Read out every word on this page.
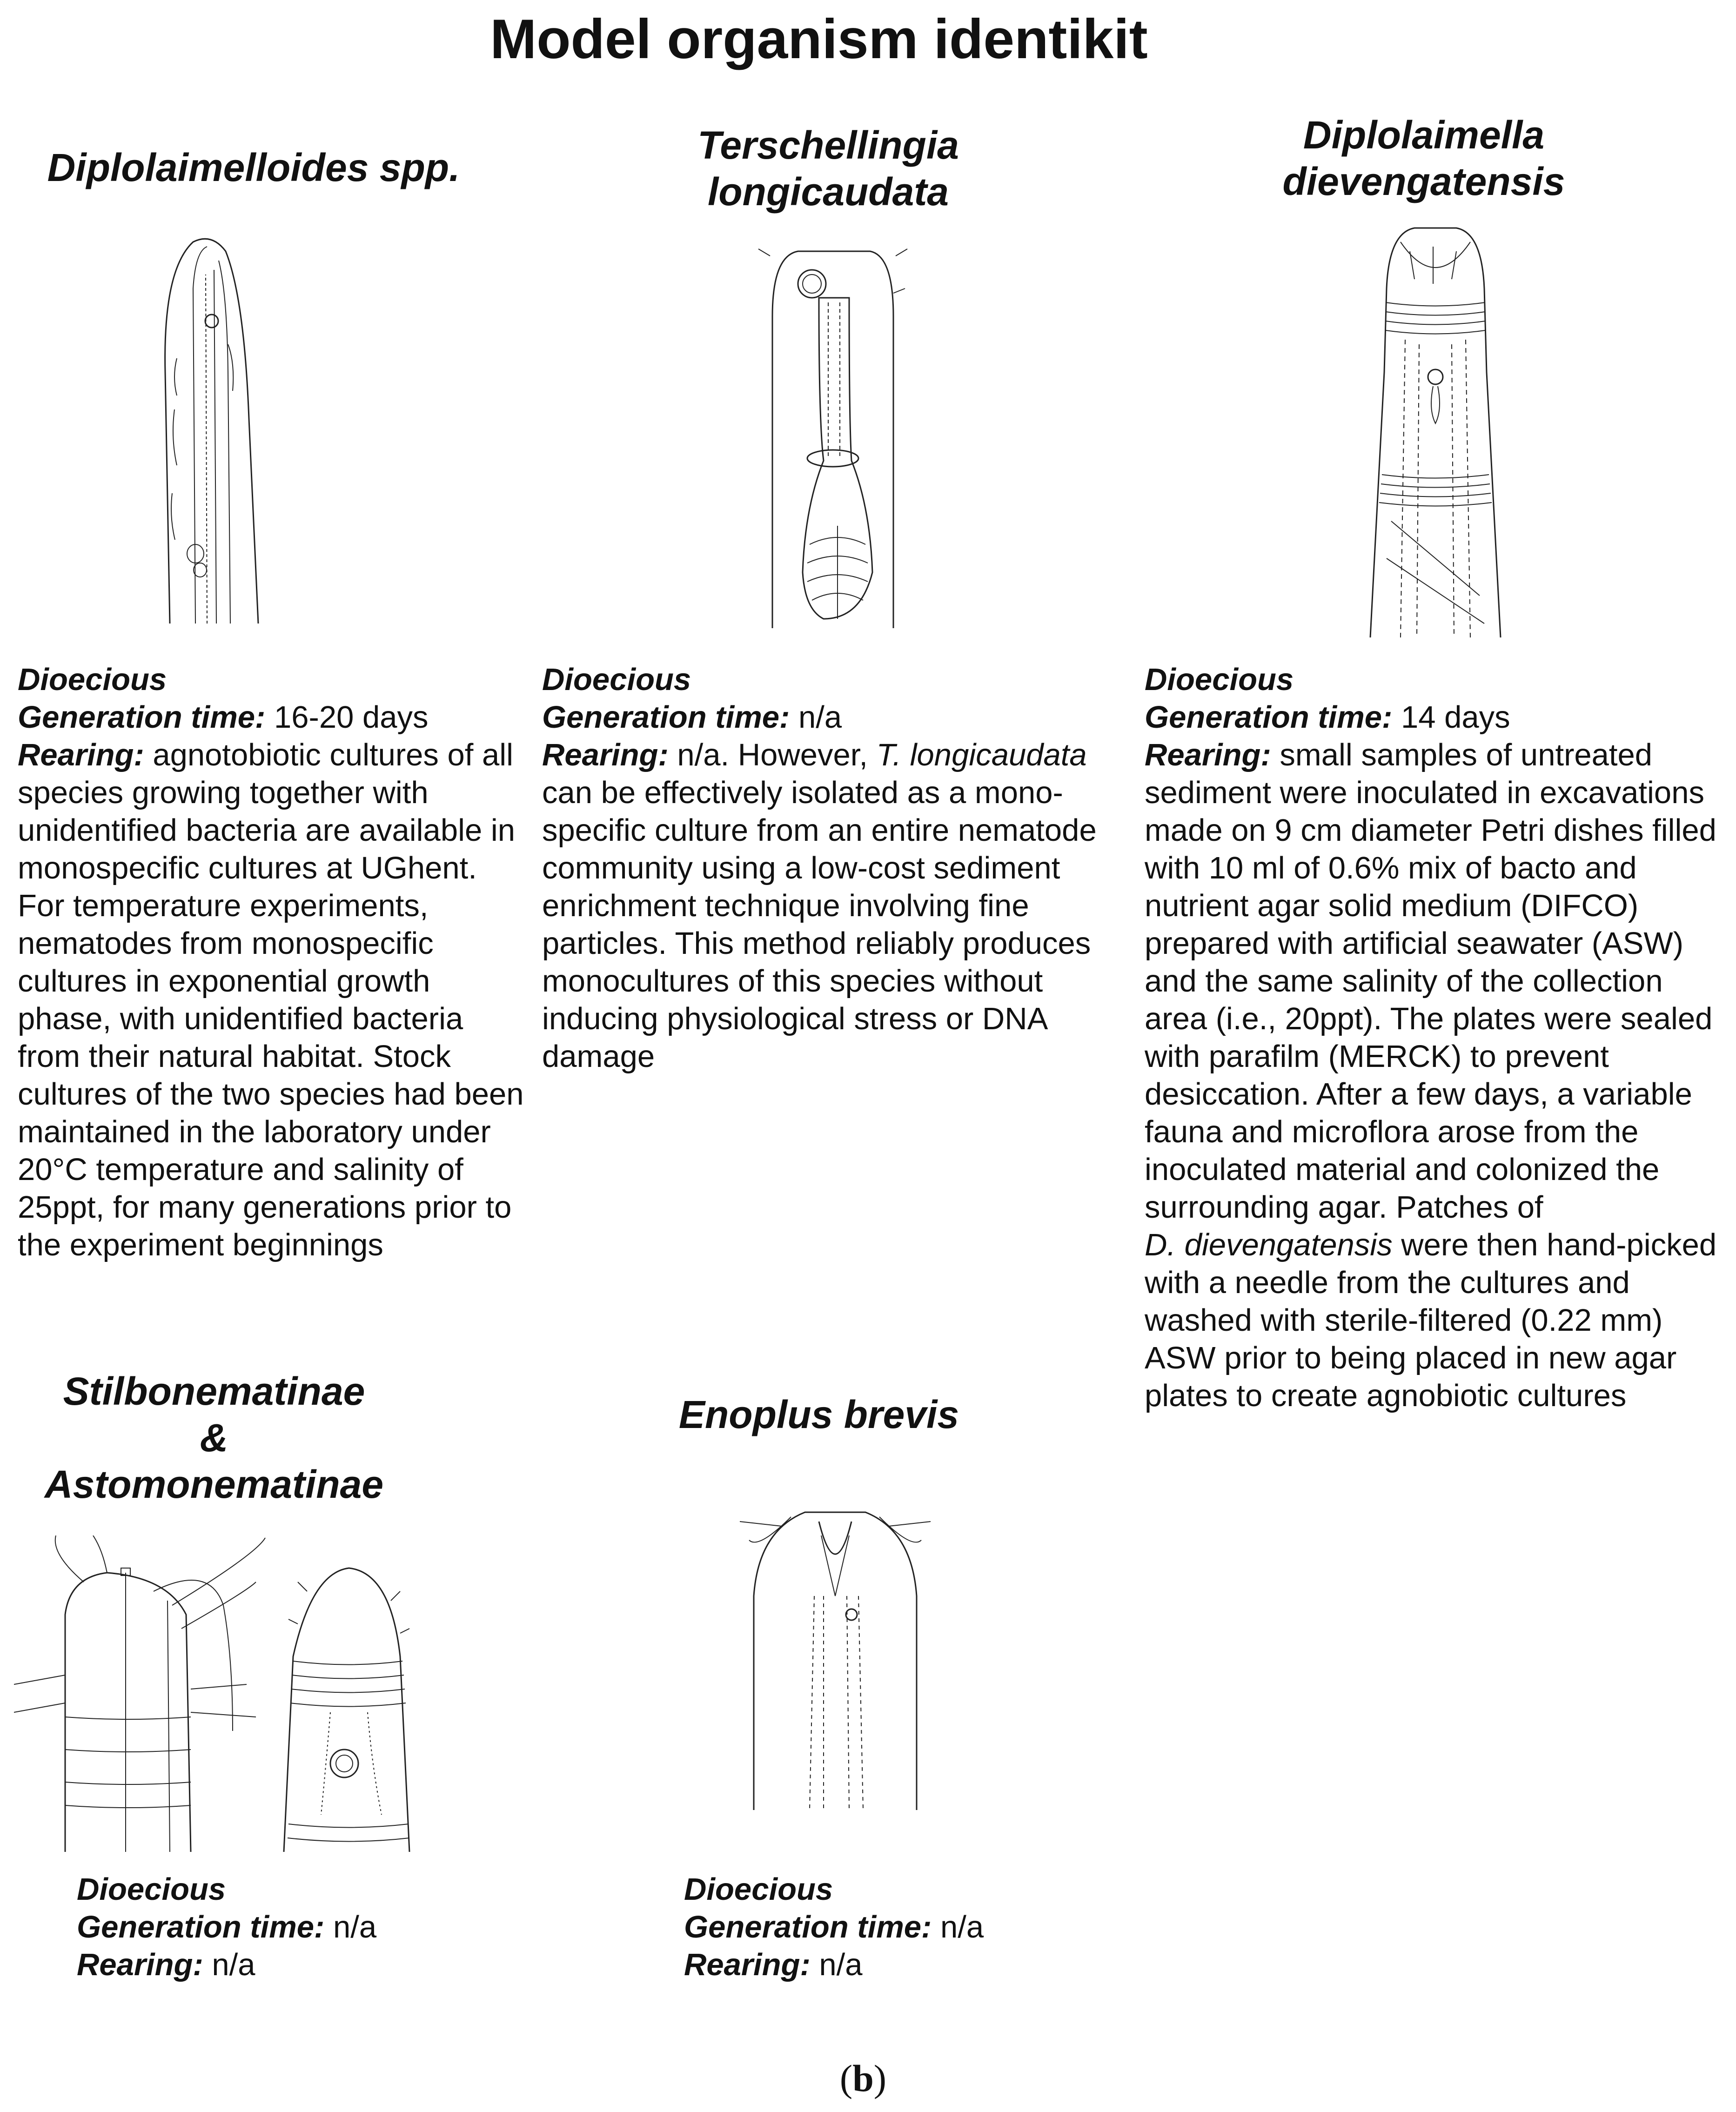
Model organism identikit
Diplolaimelloides spp.
Terschellingia
longicaudata
Diplolaimella
dievengatensis
Stilbonematinae
&
Astomonematinae
Enoplus brevis
Dioecious
Generation time: 16-20 days
Rearing: agnotobiotic cultures of all species growing together with unidentified bacteria are available in monospecific cultures at UGhent. For temperature experiments, nematodes from monospecific cultures in exponential growth phase, with unidentified bacteria from their natural habitat. Stock cultures of the two species had been maintained in the laboratory under 20°C temperature and salinity of 25ppt, for many generations prior to the experiment beginnings
Dioecious
Generation time: n/a
Rearing: n/a. However, T. longicaudata can be effectively isolated as a mono-specific culture from an entire nematode community using a low-cost sediment enrichment technique involving fine particles. This method reliably produces monocultures of this species without inducing physiological stress or DNA damage
Dioecious
Generation time: 14 days
Rearing: small samples of untreated sediment were inoculated in excavations made on 9 cm diameter Petri dishes filled with 10 ml of 0.6% mix of bacto and nutrient agar solid medium (DIFCO) prepared with artificial seawater (ASW) and the same salinity of the collection area (i.e., 20ppt). The plates were sealed with parafilm (MERCK) to prevent desiccation. After a few days, a variable fauna and microflora arose from the inoculated material and colonized the surrounding agar. Patches of
D. dievengatensis were then hand-picked with a needle from the cultures and washed with sterile-filtered (0.22 mm) ASW prior to being placed in new agar plates to create agnobiotic cultures
Dioecious
Generation time: n/a
Rearing: n/a
Dioecious
Generation time: n/a
Rearing: n/a
(b)
